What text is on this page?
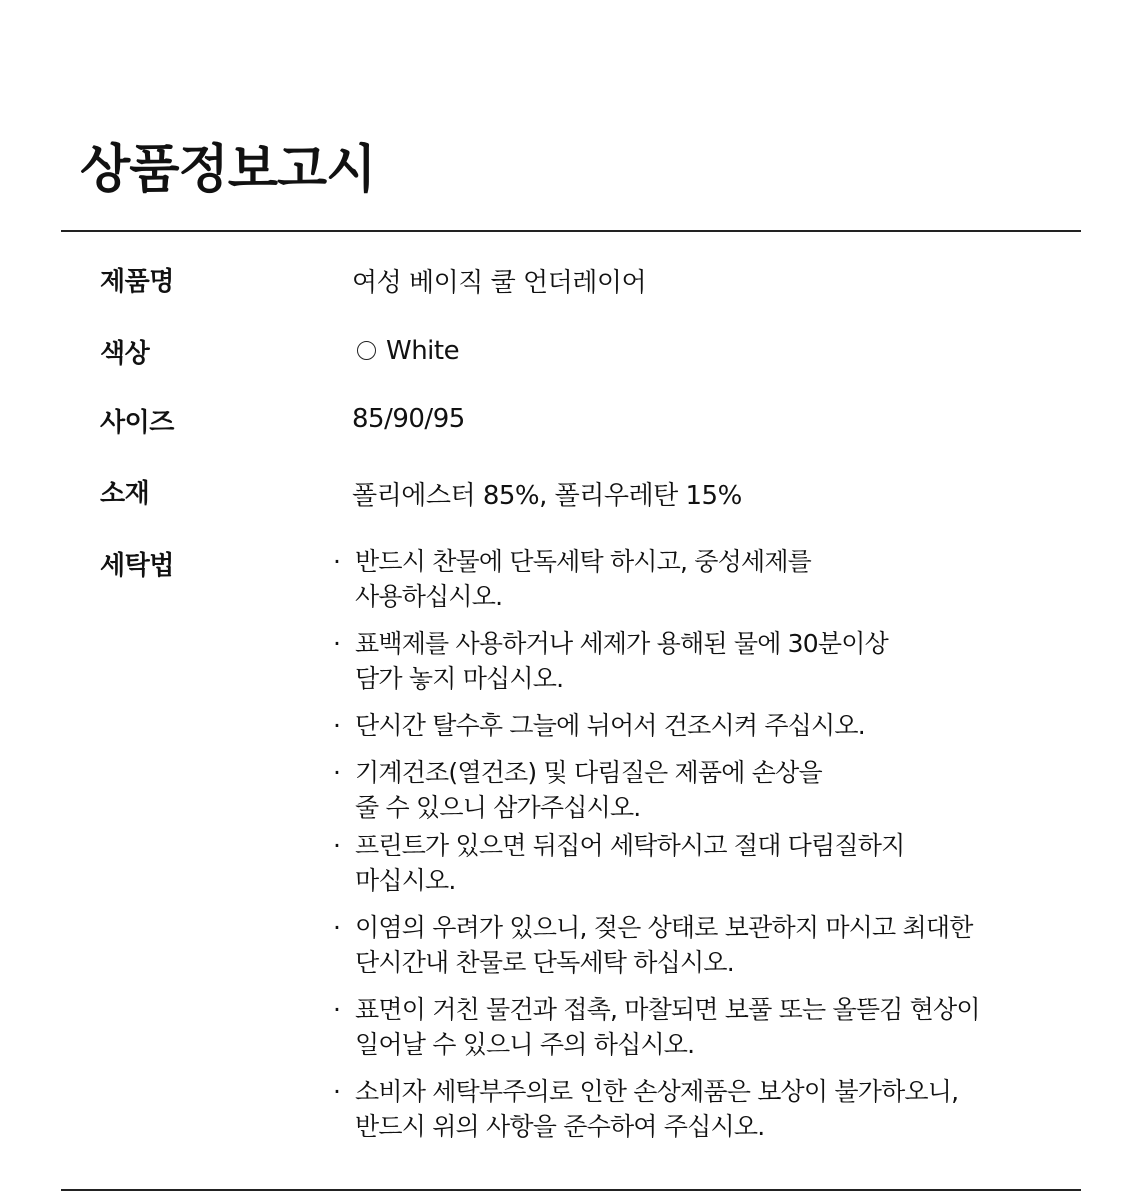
상품정보고시
제품명	여성 베이직 쿨 언더레이어
색상	White
사이즈	85/90/95
소재	폴리에스터 85%, 폴리우레탄 15%
세탁법	· 반드시 찬물에 단독세탁 하시고, 중성세제를
사용하십시오.
· 표백제를 사용하거나 세제가 용해된 물에 30분이상
담가 놓지 마십시오.
· 단시간 탈수후 그늘에 뉘어서 건조시켜 주십시오.
· 기계건조(열건조) 및 다림질은 제품에 손상을
줄 수 있으니 삼가주십시오.
· 프린트가 있으면 뒤집어 세탁하시고 절대 다림질하지
마십시오.
· 이염의 우려가 있으니, 젖은 상태로 보관하지 마시고 최대한
단시간내 찬물로 단독세탁 하십시오.
· 표면이 거친 물건과 접촉, 마찰되면 보풀 또는 올뜯김 현상이
일어날 수 있으니 주의 하십시오.
· 소비자 세탁부주의로 인한 손상제품은 보상이 불가하오니,
반드시 위의 사항을 준수하여 주십시오.
